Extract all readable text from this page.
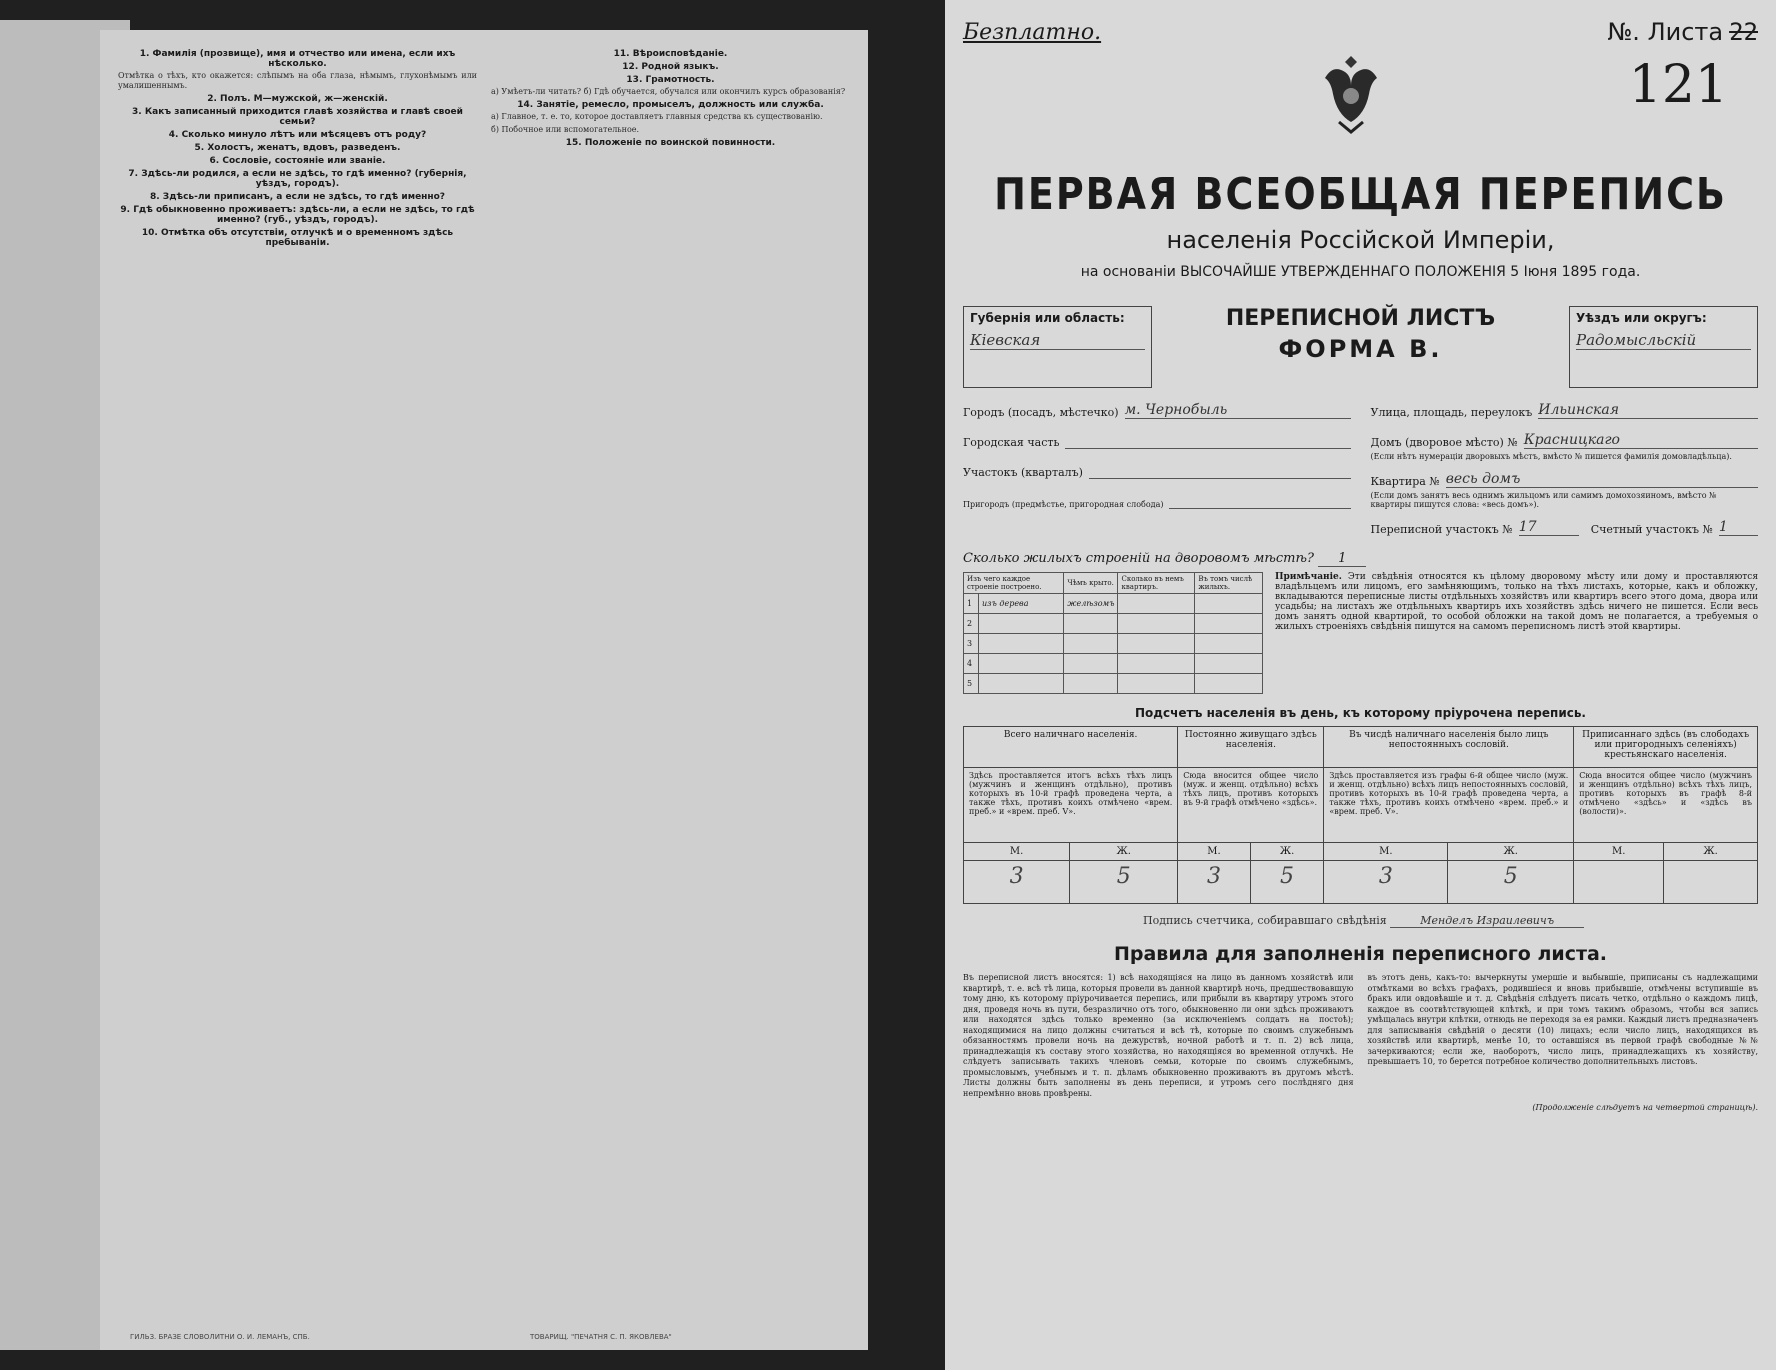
1. Фамилія (прозвище), имя и отчество или имена, если ихъ нѣсколько.

Отмѣтка о тѣхъ, кто окажется: слѣпымъ на оба глаза, нѣмымъ, глухонѣмымъ или умалишеннымъ.

2. Полъ. М—мужской, ж—женскій.
3. Какъ записанный приходится главѣ хозяйства и главѣ своей семьи?
4. Сколько минуло лѣтъ или мѣсяцевъ отъ роду?
5. Холостъ, женатъ, вдовъ, разведенъ.
6. Сословіе, состояніе или званіе.
7. Здѣсь-ли родился, а если не здѣсь, то гдѣ именно? (губернія, уѣздъ, городъ).
8. Здѣсь-ли приписанъ, а если не здѣсь, то гдѣ именно?
9. Гдѣ обыкновенно проживаетъ: здѣсь-ли, а если не здѣсь, то гдѣ именно? (губ., уѣздъ, городъ).
10. Отмѣтка объ отсутствіи, отлучкѣ и о временномъ здѣсь пребываніи.
11. Вѣроисповѣданіе.
12. Родной языкъ.
13. Грамотность.

а) Умѣетъ-ли читать? б) Гдѣ обучается, обучался или окончилъ курсъ образованія?

14. Занятіе, ремесло, промыселъ, должность или служба.

а) Главное, т. е. то, которое доставляетъ главныя средства къ существованію.

б) Побочное или вспомогательное.

15. Положеніе по воинской повинности.
ГИЛЬЗ. БРАЗЕ СЛОВОЛИТНИ О. И. ЛЕМАНЪ, СПБ.	ТОВАРИЩ. "ПЕЧАТНЯ С. П. ЯКОВЛЕВА"
Безплатно.	№. Листа 22
121
ПЕРВАЯ ВСЕОБЩАЯ ПЕРЕПИСЬ
населенія Россійской Имперіи,
на основаніи ВЫСОЧАЙШЕ УТВЕРЖДЕННАГО ПОЛОЖЕНІЯ 5 Іюня 1895 года.
Губернія или область:
Кіевская
ПЕРЕПИСНОЙ ЛИСТЪ
ФОРМА В.
Уѣздъ или округъ:
Радомысльскій
Городъ (посадъ, мѣстечко) м. Чернобыль
Городская часть
Участокъ (кварталъ)
Пригородъ (предмѣстье, пригородная слобода)
Улица, площадь, переулокъ Ильинская
Домъ (дворовое мѣсто) № Красницкаго
(Если нѣтъ нумераціи дворовыхъ мѣстъ, вмѣсто № пишется фамилія домовладѣльца).
Квартира № весь домъ
(Если домъ занятъ весь однимъ жильцомъ или самимъ домохозяиномъ, вмѣсто № квартиры пишутся слова: «весь домъ»).
Переписной участокъ № 17	Счетный участокъ № 1
Сколько жилыхъ строеній на дворовомъ мѣстѣ? 1
Изъ чего каждое строеніе построено.		Чѣмъ крыто.	Сколько въ немъ квартиръ.	Въ томъ числѣ жилыхъ.
1	изъ дерева	желѣзомъ		
2				
3				
4				
5				
Примѣчаніе. Эти свѣдѣнія относятся къ цѣлому дворовому мѣсту или дому и проставляются владѣльцемъ или лицомъ, его замѣняющимъ, только на тѣхъ листахъ, которые, какъ и обложку, вкладываются переписные листы отдѣльныхъ хозяйствъ или квартиръ всего этого дома, двора или усадьбы; на листахъ же отдѣльныхъ квартиръ ихъ хозяйствъ здѣсь ничего не пишется. Если весь домъ занятъ одной квартирой, то особой обложки на такой домъ не полагается, а требуемыя о жилыхъ строеніяхъ свѣдѣнія пишутся на самомъ переписномъ листѣ этой квартиры.
Подсчетъ населенія въ день, къ которому пріурочена перепись.
Всего наличнаго населенія.		Постоянно живущаго здѣсь населенія.		Въ чисдѣ наличнаго населенія было лицъ непостоянныхъ сословій.		Приписаннаго здѣсь (въ слободахъ или пригородныхъ селеніяхъ) крестьянскаго населенія.	
Здѣсь проставляется итогъ всѣхъ тѣхъ лицъ (мужчинъ и женщинъ отдѣльно), противъ которыхъ въ 10-й графѣ проведена черта, а также тѣхъ, противъ коихъ отмѣчено «врем. преб.» и «врем. преб. V».		Сюда вносится общее число (муж. и женщ. отдѣльно) всѣхъ тѣхъ лицъ, противъ которыхъ въ 9-й графѣ отмѣчено «здѣсь».		Здѣсь проставляется изъ графы 6-й общее число (муж. и женщ. отдѣльно) всѣхъ лицъ непостоянныхъ сословій, противъ которыхъ въ 10-й графѣ проведена черта, а также тѣхъ, противъ коихъ отмѣчено «врем. преб.» и «врем. преб. V».		Сюда вносится общее число (мужчинъ и женщинъ отдѣльно) всѣхъ тѣхъ лицъ, противъ которыхъ въ графѣ 8-й отмѣчено «здѣсь» и «здѣсь въ (волости)».	
М.	Ж.	М.	Ж.	М.	Ж.	М.	Ж.
3	5	3	5	3	5		
Подпись счетчика, собиравшаго свѣдѣнія	Менделъ Израилевичъ
Правила для заполненія переписного листа.
Въ переписной листъ вносятся: 1) всѣ находящіяся на лицо въ данномъ хозяйствѣ или квартирѣ, т. е. всѣ тѣ лица, которыя провели въ данной квартирѣ ночь, предшествовавшую тому дню, къ которому пріурочивается перепись, или прибыли въ квартиру утромъ этого дня, проведя ночь въ пути, безразлично отъ того, обыкновенно ли они здѣсь проживаютъ или находятся здѣсь только временно (за исключеніемъ солдатъ на постоѣ); находящимися на лицо должны считаться и всѣ тѣ, которые по своимъ служебнымъ обязанностямъ провели ночь на дежурствѣ, ночной работѣ и т. п. 2) всѣ лица, принадлежащія къ составу этого хозяйства, но находящіяся во временной отлучкѣ. Не слѣдуетъ записывать такихъ членовъ семьи, которые по своимъ служебнымъ, промысловымъ, учебнымъ и т. п. дѣламъ обыкновенно проживаютъ въ другомъ мѣстѣ. Листы должны быть заполнены въ день переписи, и утромъ сего послѣдняго дня непремѣнно вновь провѣрены.
въ этотъ день, какъ-то: вычеркнуты умершіе и выбывшіе, приписаны съ надлежащими отмѣтками во всѣхъ графахъ, родившіеся и вновь прибывшіе, отмѣчены вступившіе въ бракъ или овдовѣвшіе и т. д. Свѣдѣнія слѣдуетъ писать четко, отдѣльно о каждомъ лицѣ, каждое въ соотвѣтствующей клѣткѣ, и при томъ такимъ образомъ, чтобы вся запись умѣщалась внутри клѣтки, отнюдь не переходя за ея рамки. Каждый листъ предназначенъ для записыванія свѣдѣній о десяти (10) лицахъ; если число лицъ, находящихся въ хозяйствѣ или квартирѣ, менѣе 10, то оставшіяся въ первой графѣ свободные №№ зачеркиваются; если же, наоборотъ, число лицъ, принадлежащихъ къ хозяйству, превышаетъ 10, то берется потребное количество дополнительныхъ листовъ.
(Продолженіе слѣдуетъ на четвертой страницѣ).
